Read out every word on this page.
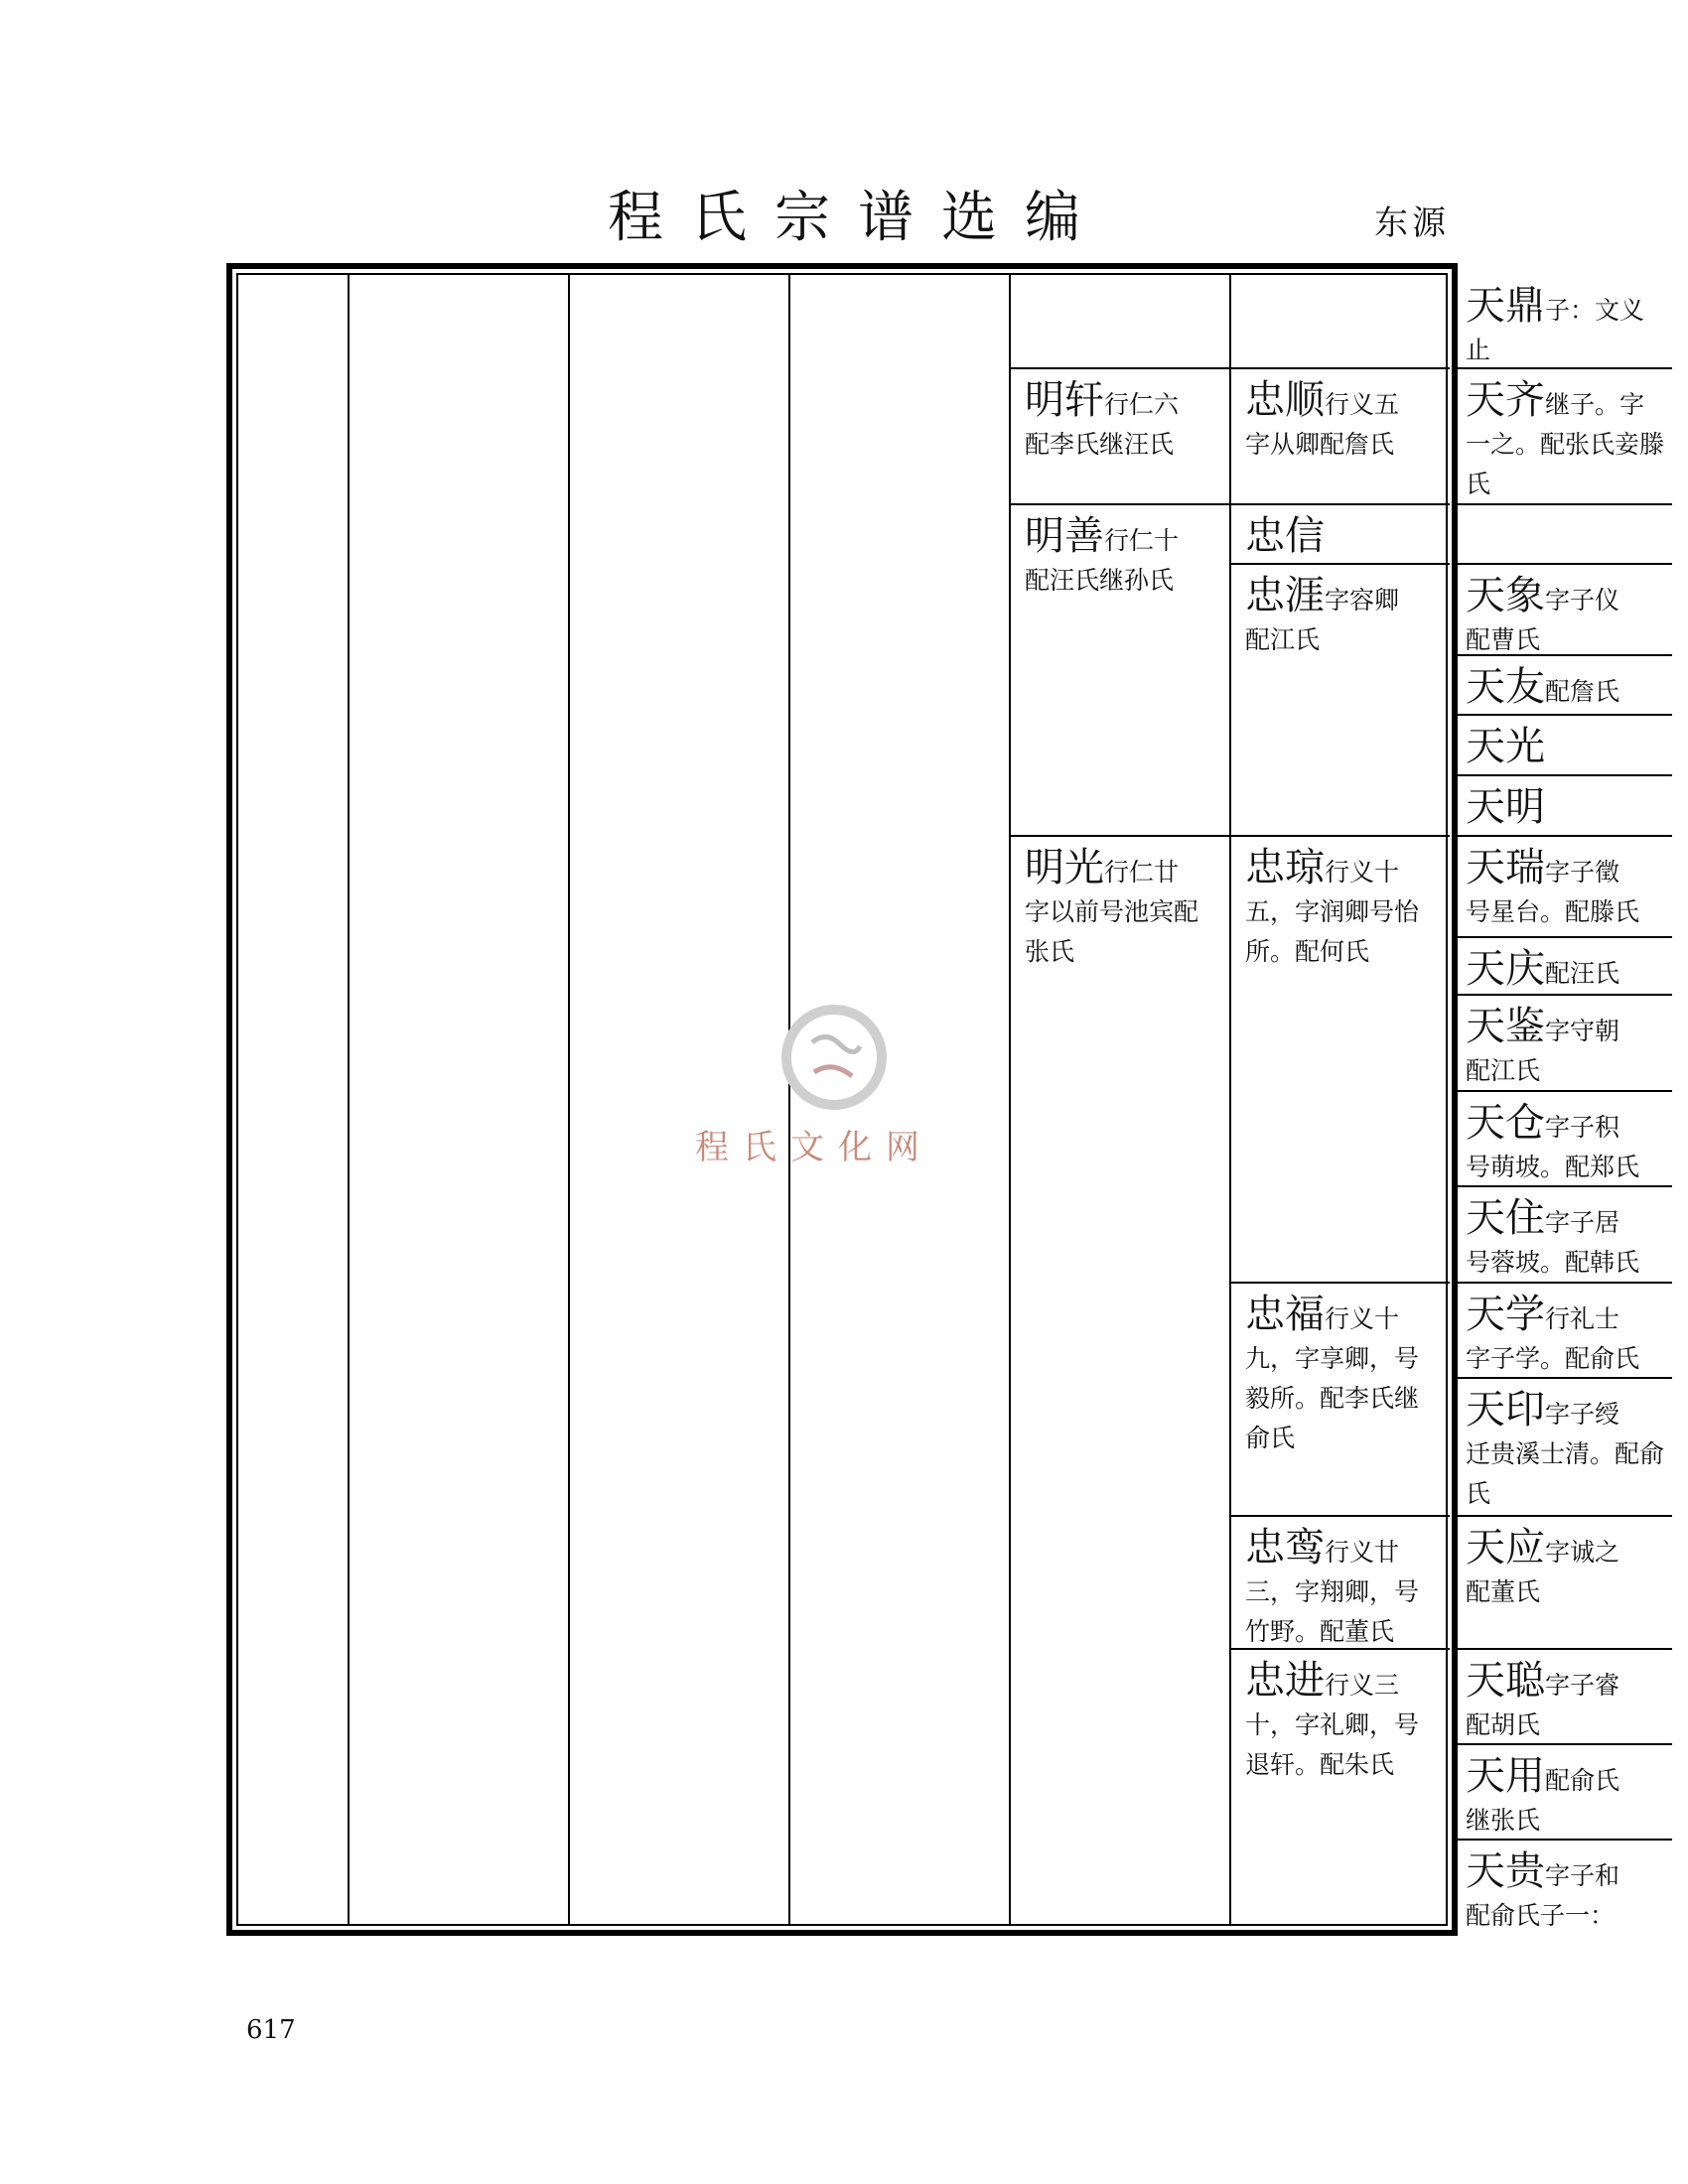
程氏宗谱选编	东源
明轩行仁六
配李氏继汪氏
明善行仁十
配汪氏继孙氏
明光行仁廿
字以前号池宾配张氏
忠顺行义五
字从卿配詹氏
忠信
忠涯字容卿
配江氏
忠琼行义十
五，字润卿号怡所。配何氏
忠福行义十
九，字享卿，号毅所。配李氏继俞氏
忠鸾行义廿
三，字翔卿，号竹野。配董氏
忠进行义三
十，字礼卿，号退轩。配朱氏
天鼎子：文义
止
天齐继子。字
一之。配张氏妾滕氏
天象字子仪
配曹氏
天友配詹氏
天光
天明
天瑞字子徵
号星台。配滕氏
天庆配汪氏
天鉴字守朝
配江氏
天仓字子积
号萌坡。配郑氏
天住字子居
号蓉坡。配韩氏
天学行礼士
字子学。配俞氏
天印字子绶
迁贵溪士清。配俞氏
天应字诚之
配董氏
天聪字子睿
配胡氏
天用配俞氏
继张氏
天贵字子和
配俞氏子一：
程氏文化网
617
